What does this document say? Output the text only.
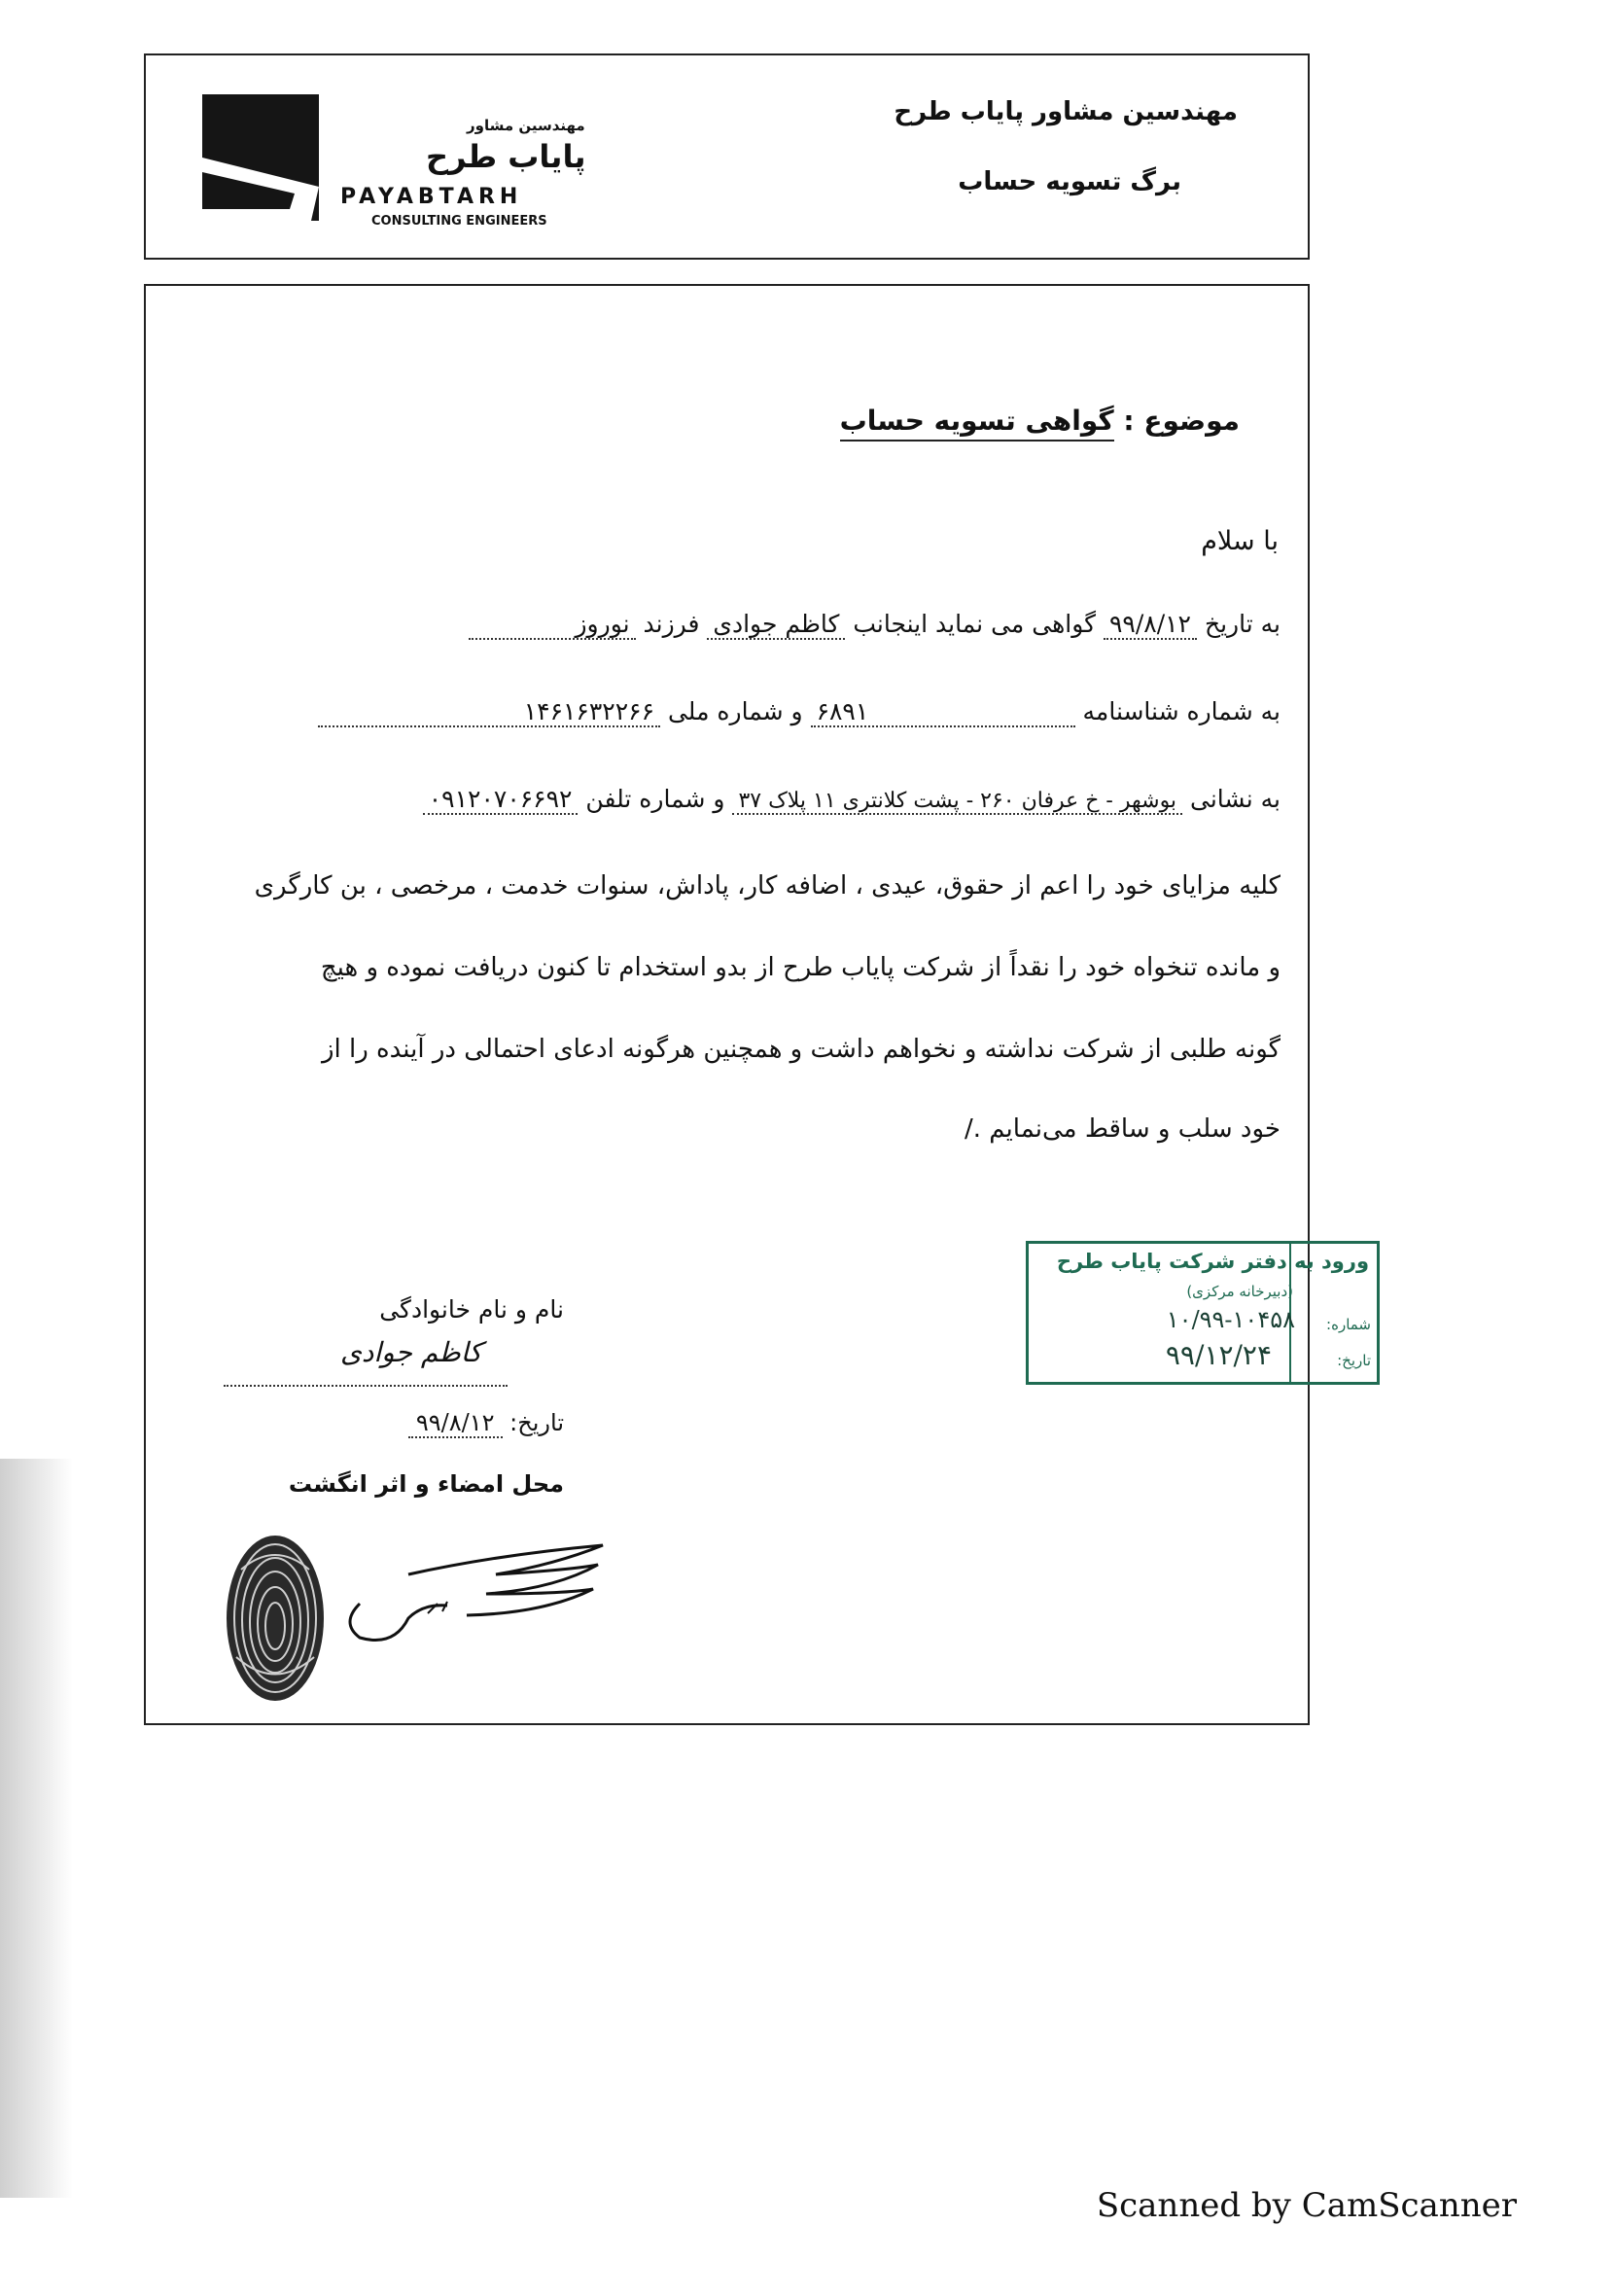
مهندسین مشاور
پایاب طرح
PAYABTARH
CONSULTING ENGINEERS
مهندسین مشاور پایاب طرح
برگ تسویه حساب
موضوع : گواهی تسویه حساب
با سلام
به تاریخ ۹۹/۸/۱۲ گواهی می نماید اینجانب کاظم جوادی فرزند نوروز
به شماره شناسنامه ۶۸۹۱ و شماره ملی ۱۴۶۱۶۳۲۲۶۶
به نشانی بوشهر - خ عرفان ۲۶۰ - پشت کلانتری ۱۱ پلاک ۳۷ و شماره تلفن ۰۹۱۲۰۷۰۶۶۹۲
کلیه مزایای خود را اعم از حقوق، عیدی ، اضافه کار، پاداش، سنوات خدمت ، مرخصی ، بن کارگری
و مانده تنخواه خود را نقداً از شرکت پایاب طرح از بدو استخدام تا کنون دریافت نموده و هیچ
گونه طلبی از شرکت نداشته و نخواهم داشت و همچنین هرگونه ادعای احتمالی در آینده را از
خود سلب و ساقط می‌نمایم ./
ورود به دفتر شرکت پایاب طرح
(دبیرخانه مرکزی)
شماره:
۱۰/۹۹-۱۰۴۵۸
تاریخ:
۹۹/۱۲/۲۴
نام و نام خانوادگی
کاظم جوادی
تاریخ: ۹۹/۸/۱۲
محل امضاء و اثر انگشت
Scanned by CamScanner
